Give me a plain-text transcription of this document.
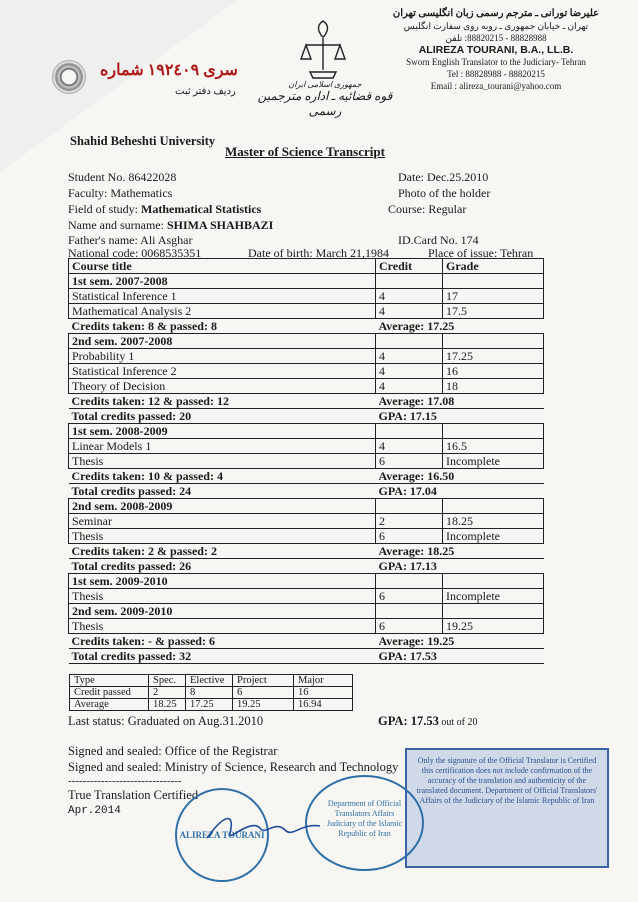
علیرضا تورانی ـ مترجم رسمی زبان انگلیسی تهران
تهران ـ خیابان جمهوری ـ روبه روی سفارت انگلیس
88828988 - 88820215: تلفن
ALIREZA TOURANI, B.A., LL.B.
Sworn English Translator to the Judiciary- Tehran
Tel : 88828988 - 88820215
Email : alireza_tourani@yahoo.com
جمهوری اسلامی ایران
قوه قضائیه ـ اداره مترجمین رسمی
سری ۱۹۲٤۰۹ شماره
ردیف دفتر ثبت
Shahid Beheshti University
Master of Science Transcript
Student No. 86422028	Date: Dec.25.2010
Faculty: Mathematics	Photo of the holder
Field of study: Mathematical Statistics	Course: Regular
Name and surname: SHIMA SHAHBAZI
Father's name: Ali Asghar	ID.Card No. 174
National code: 0068535351	Date of birth: March 21,1984	Place of issue: Tehran
Course title	Credit	Grade
1st sem. 2007-2008		
Statistical Inference 1	4	17
Mathematical Analysis 2	4	17.5
Credits taken: 8 & passed: 8	Average: 17.25	
2nd sem. 2007-2008		
Probability 1	4	17.25
Statistical Inference 2	4	16
Theory of Decision	4	18
Credits taken: 12 & passed: 12	Average: 17.08	
Total credits passed: 20	GPA: 17.15	
1st sem. 2008-2009		
Linear Models 1	4	16.5
Thesis	6	Incomplete
Credits taken: 10 & passed: 4	Average: 16.50	
Total credits passed: 24	GPA: 17.04	
2nd sem. 2008-2009		
Seminar	2	18.25
Thesis	6	Incomplete
Credits taken: 2 & passed: 2	Average: 18.25	
Total credits passed: 26	GPA: 17.13	
1st sem. 2009-2010		
Thesis	6	Incomplete
2nd sem. 2009-2010		
Thesis	6	19.25
Credits taken: - & passed: 6	Average: 19.25	
Total credits passed: 32	GPA: 17.53	
Type	Spec.	Elective	Project	Major
Credit passed	2	8	6	16
Average	18.25	17.25	19.25	16.94
Last status: Graduated on Aug.31.2010	GPA: 17.53 out of 20
Signed and sealed: Office of the Registrar
Signed and sealed: Ministry of Science, Research and Technology
-------------------------------
True Translation Certified
Apr.2014
Only the signature of the Official Translator is Certified this certification does not include confirmation of the accuracy of the translation and authenticity of the translated document. Department of Official Translators' Affairs of the Judiciary of the Islamic Republic of Iran
Department of Official Translators Affairs Judiciary of the Islamic Republic of Iran
ALIREZA TOURANI
